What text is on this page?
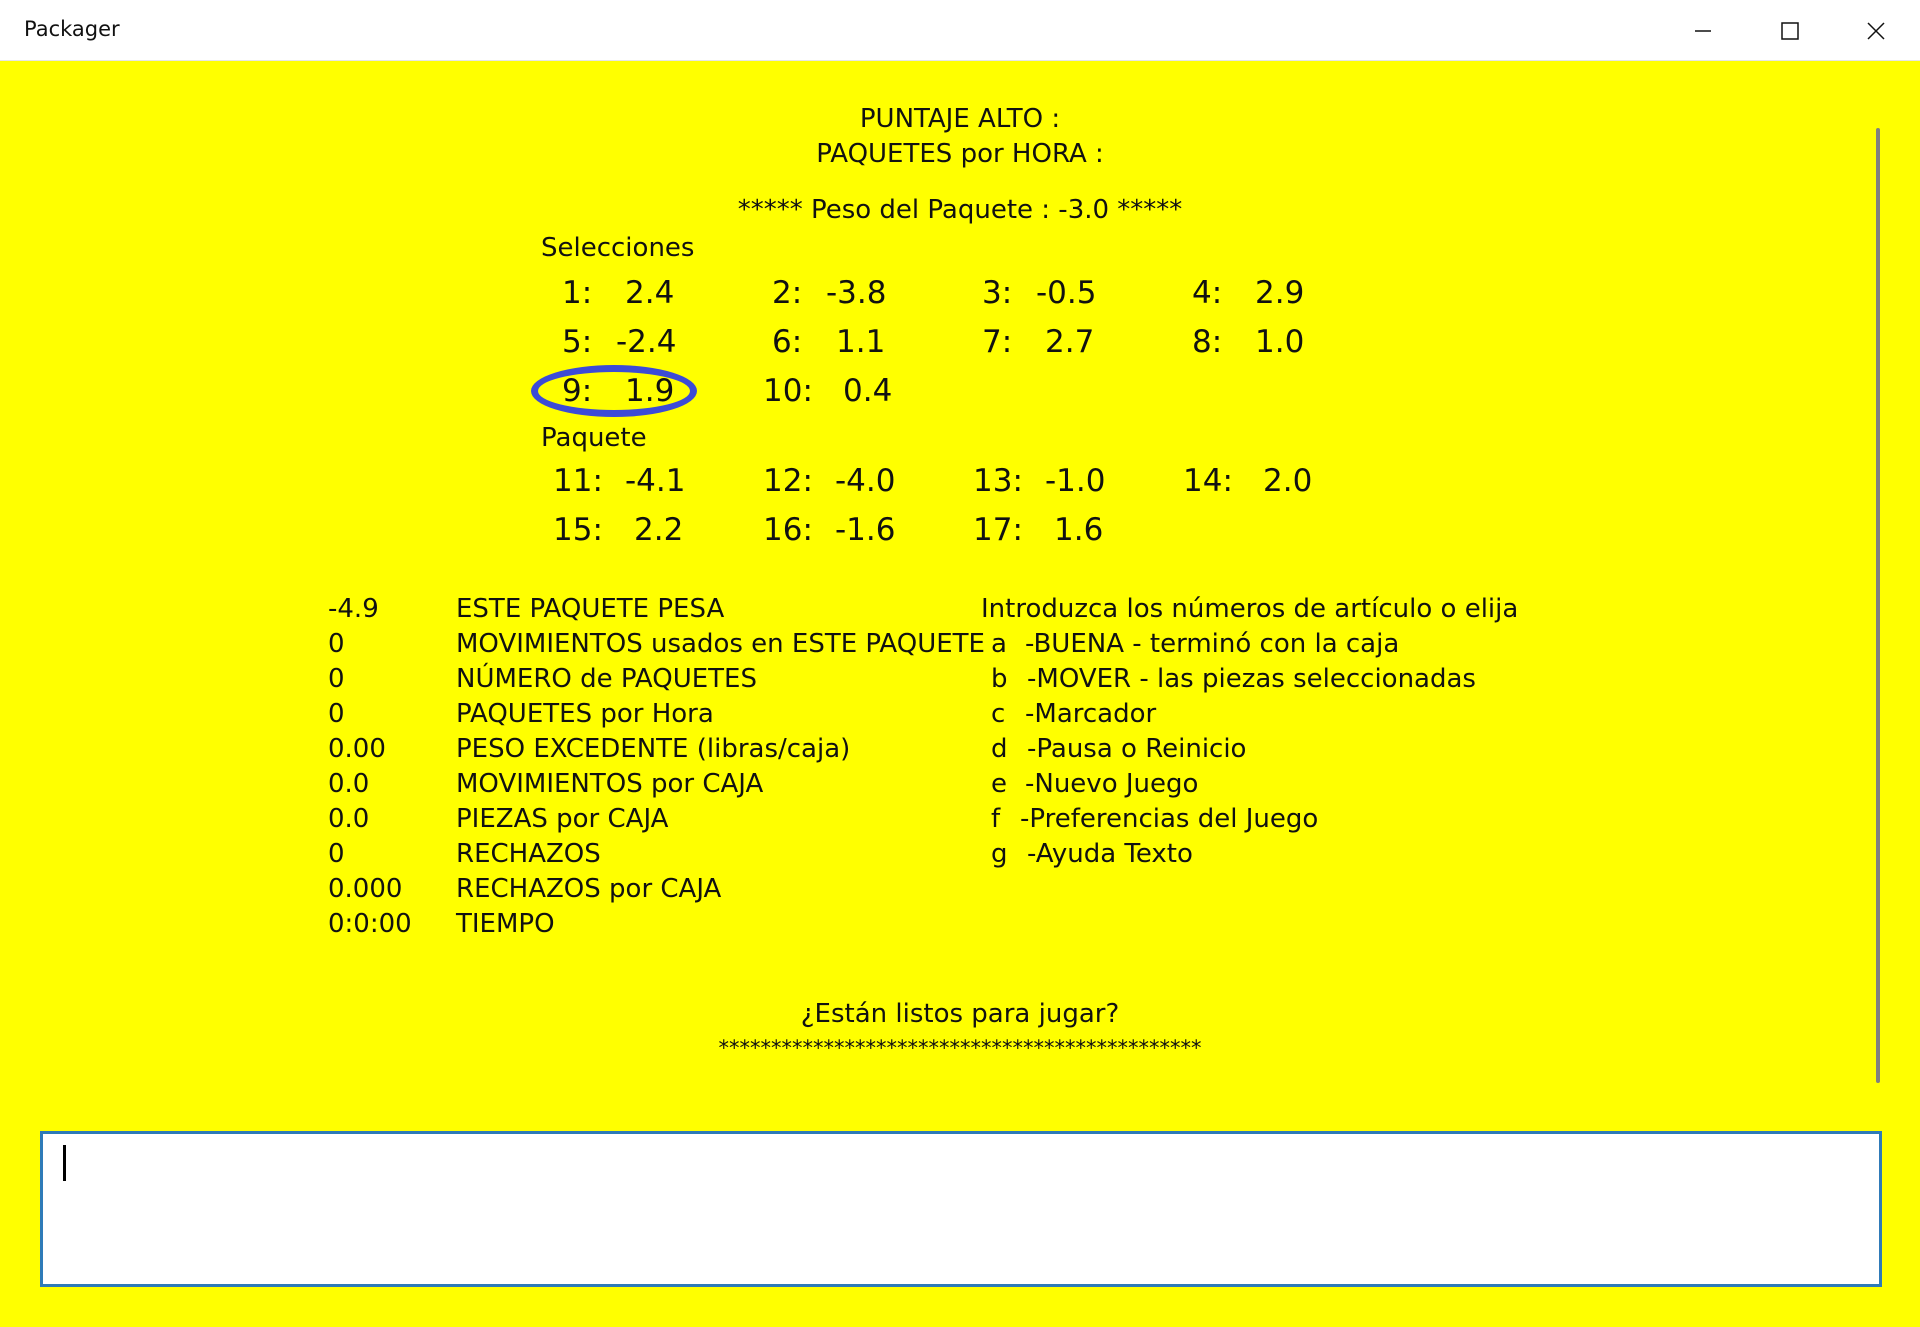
Packager
PUNTAJE ALTO :
PAQUETES por HORA :
***** Peso del Paquete : -3.0 *****
Selecciones
1: 2.4	2: -3.8	3: -0.5	4: 2.9
5: -2.4	6: 1.1	7: 2.7	8: 1.0
9: 1.9	10: 0.4
Paquete
11: -4.1	12: -4.0	13: -1.0	14: 2.0
15: 2.2	16: -1.6	17: 1.6
-4.9	ESTE PAQUETE PESA
0	MOVIMIENTOS usados en ESTE PAQUETE
0	NÚMERO de PAQUETES
0	PAQUETES por Hora
0.00	PESO EXCEDENTE (libras/caja)
0.0	MOVIMIENTOS por CAJA
0.0	PIEZAS por CAJA
0	RECHAZOS
0.000 RECHAZOS por CAJA
0:0:00 TIEMPO
Introduzca los números de artículo o elija
a -BUENA - terminó con la caja
b -MOVER - las piezas seleccionadas
c -Marcador
d -Pausa o Reinicio
e -Nuevo Juego
f -Preferencias del Juego
g -Ayuda Texto
¿Están listos para jugar?
**********************************************
